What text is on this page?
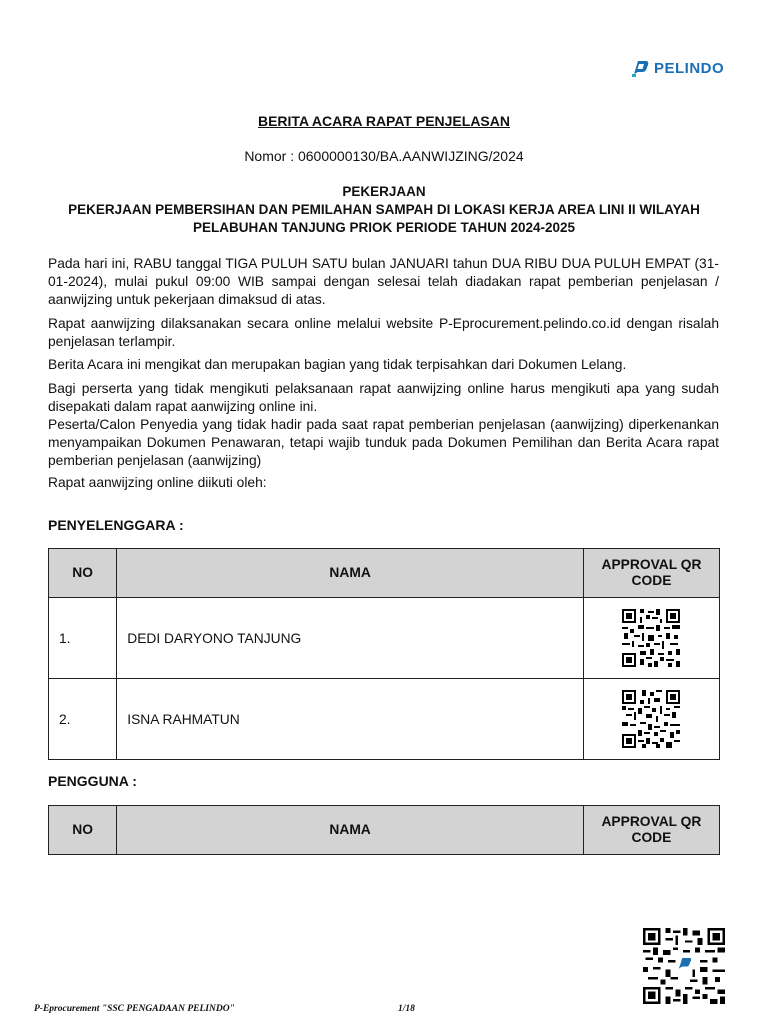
PELINDO
BERITA ACARA RAPAT PENJELASAN
Nomor : 0600000130/BA.AANWIJZING/2024
PEKERJAAN
PEKERJAAN PEMBERSIHAN DAN PEMILAHAN SAMPAH DI LOKASI KERJA AREA LINI II WILAYAH PELABUHAN TANJUNG PRIOK PERIODE TAHUN 2024-2025

Pada hari ini, RABU tanggal TIGA PULUH SATU bulan JANUARI tahun DUA RIBU DUA PULUH EMPAT (31-01-2024), mulai pukul 09:00 WIB sampai dengan selesai telah diadakan rapat pemberian penjelasan / aanwijzing untuk pekerjaan dimaksud di atas.

Rapat aanwijzing dilaksanakan secara online melalui website P-Eprocurement.pelindo.co.id dengan risalah penjelasan terlampir.

Berita Acara ini mengikat dan merupakan bagian yang tidak terpisahkan dari Dokumen Lelang.

Bagi perserta yang tidak mengikuti pelaksanaan rapat aanwijzing online harus mengikuti apa yang sudah disepakati dalam rapat aanwijzing online ini.

Peserta/Calon Penyedia yang tidak hadir pada saat rapat pemberian penjelasan (aanwijzing) diperkenankan menyampaikan Dokumen Penawaran, tetapi wajib tunduk pada Dokumen Pemilihan dan Berita Acara rapat pemberian penjelasan (aanwijzing)

Rapat aanwijzing online diikuti oleh:

PENYELENGGARA :
NO	NAMA	APPROVAL QR CODE
1.	DEDI DARYONO TANJUNG	
2.	ISNA RAHMATUN	
PENGGUNA :
NO	NAMA	APPROVAL QR CODE
P-Eprocurement "SSC PENGADAAN PELINDO"	1/18
